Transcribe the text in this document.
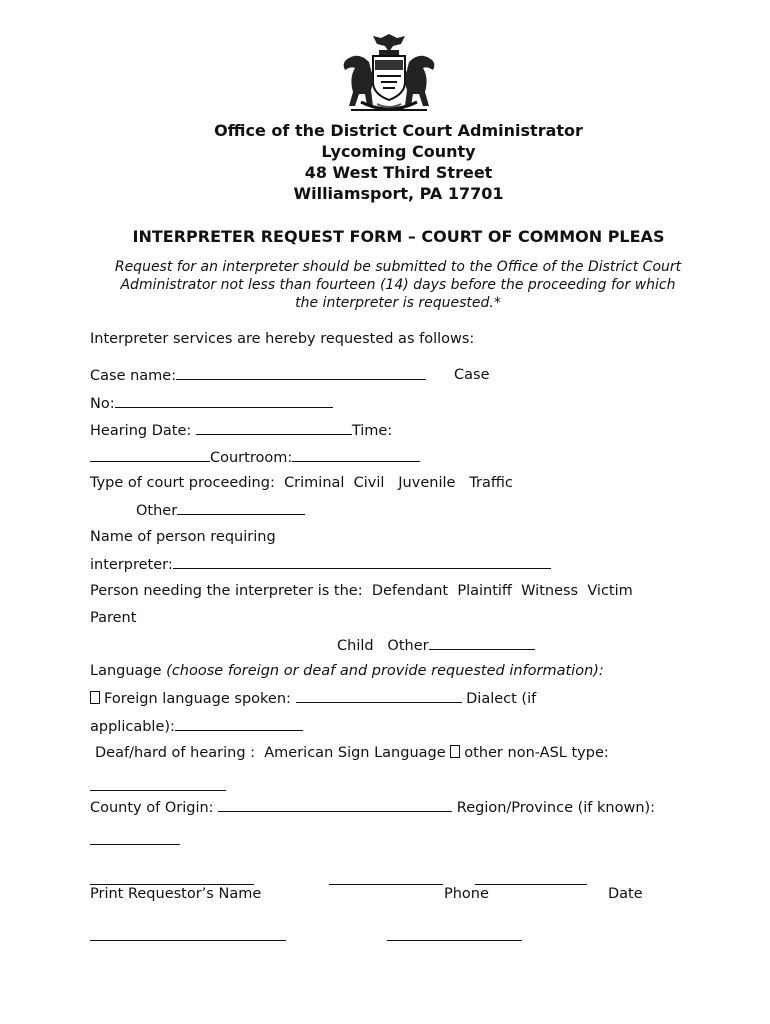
Office of the District Court Administrator
Lycoming County
48 West Third Street
Williamsport, PA 17701
INTERPRETER REQUEST FORM – COURT OF COMMON PLEAS
Request for an interpreter should be submitted to the Office of the District Court
Administrator not less than fourteen (14) days before the proceeding for which
the interpreter is requested.*
Interpreter services are hereby requested as follows:
Case name:	Case
No:
Hearing Date:	Time:
Courtroom:
Type of court proceeding: Criminal Civil Juvenile Traffic
Other
Name of person requiring
interpreter:
Person needing the interpreter is the: Defendant Plaintiff Witness Victim
Parent
Child Other
Language (choose foreign or deaf and provide requested information):
Foreign language spoken:	Dialect (if
applicable):
Deaf/hard of hearing : American Sign Language other non-ASL type:
County of Origin:	Region/Province (if known):
Print Requestor’s Name	Phone	Date
